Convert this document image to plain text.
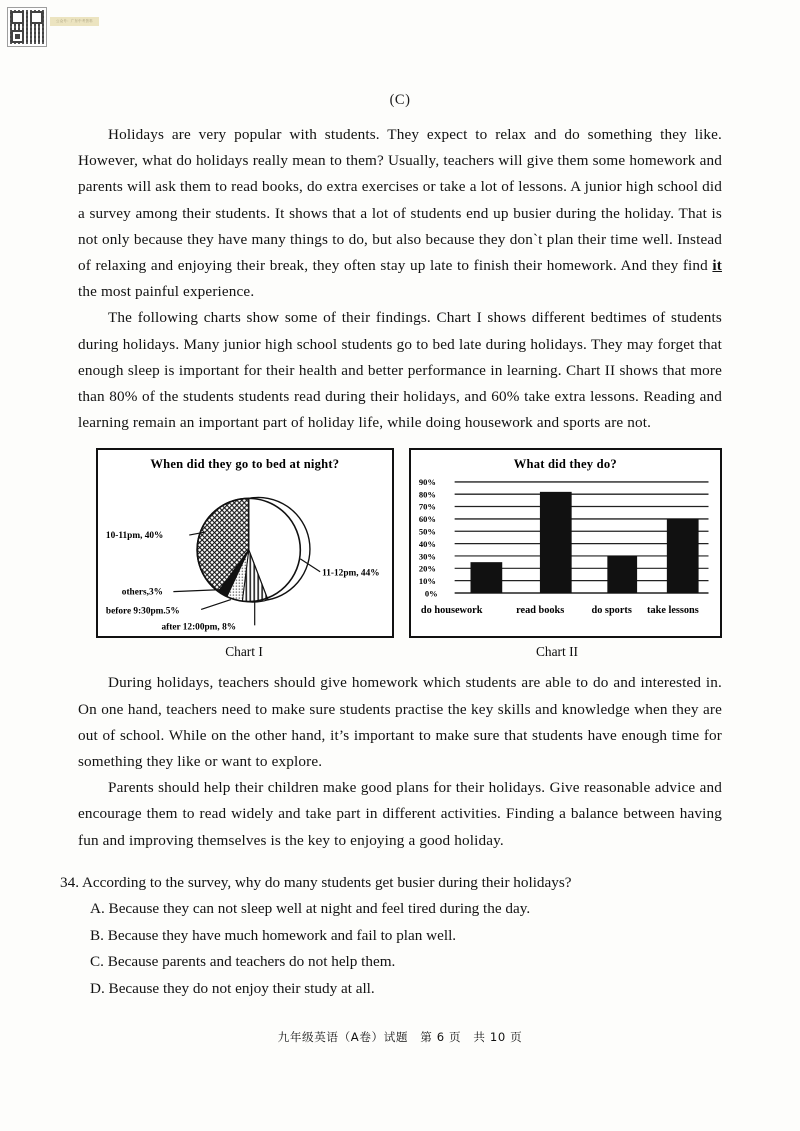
公众号：广东中考资料
(C)

Holidays are very popular with students. They expect to relax and do something they like. However, what do holidays really mean to them? Usually, teachers will give them some homework and parents will ask them to read books, do extra exercises or take a lot of lessons. A junior high school did a survey among their students. It shows that a lot of students end up busier during the holiday. That is not only because they have many things to do, but also because they don`t plan their time well. Instead of relaxing and enjoying their break, they often stay up late to finish their homework. And they find it the most painful experience.

The following charts show some of their findings. Chart I shows different bedtimes of students during holidays. Many junior high school students go to bed late during holidays. They may forget that enough sleep is important for their health and better performance in learning. Chart II shows that more than 80% of the students students read during their holidays, and 60% take extra lessons. Reading and learning remain an important part of holiday life, while doing housework and sports are not.

When did they go to bed at night?
10-11pm, 40%
11-12pm, 44%
others,3%
before 9:30pm.5%
after 12:00pm, 8%
What did they do?
90%
80%
70%
60%
50%
40%
30%
20%
10%
0%
do housework	read books	do sports take lessons
Chart I	Chart II

During holidays, teachers should give homework which students are able to do and interested in. On one hand, teachers need to make sure students practise the key skills and knowledge when they are out of school. While on the other hand, it’s important to make sure that students have enough time for something they like or want to explore.

Parents should help their children make good plans for their holidays. Give reasonable advice and encourage them to read widely and take part in different activities. Finding a balance between having fun and improving themselves is the key to enjoying a good holiday.

34. According to the survey, why do many students get busier during their holidays?
A. Because they can not sleep well at night and feel tired during the day.
B. Because they have much homework and fail to plan well.
C. Because parents and teachers do not help them.
D. Because they do not enjoy their study at all.
九年级英语（A卷）试题　第 6 页　共 10 页
